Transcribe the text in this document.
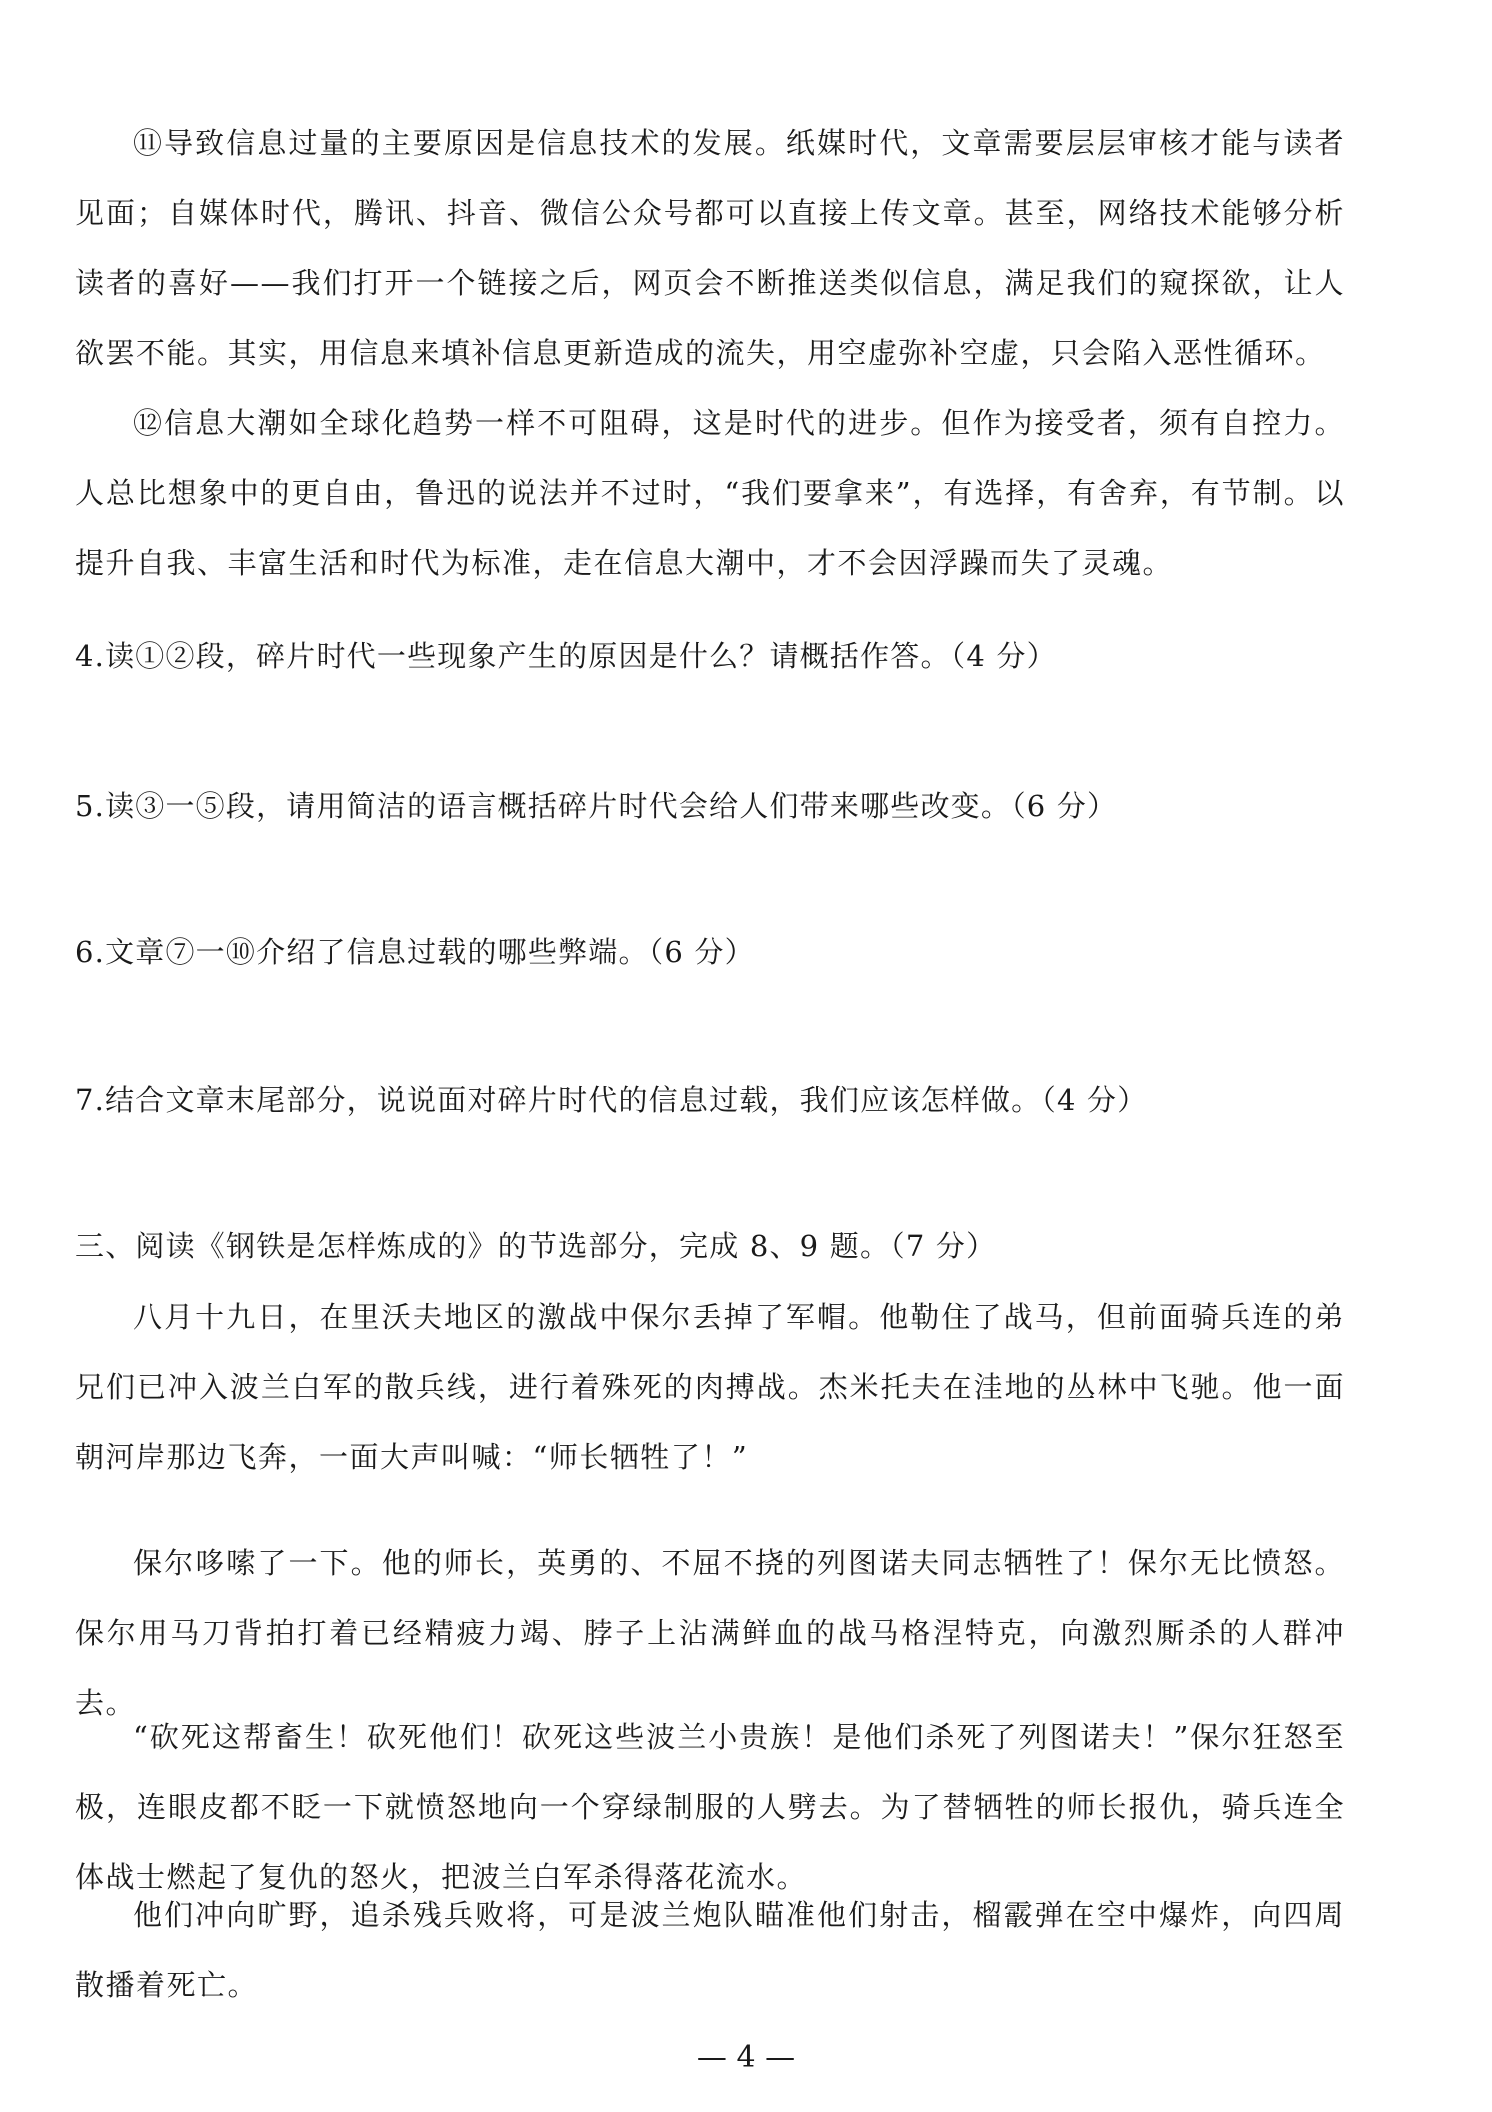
⑪导致信息过量的主要原因是信息技术的发展。纸媒时代，文章需要层层审核才能与读者见面；自媒体时代，腾讯、抖音、微信公众号都可以直接上传文章。甚至，网络技术能够分析读者的喜好——我们打开一个链接之后，网页会不断推送类似信息，满足我们的窥探欲，让人欲罢不能。其实，用信息来填补信息更新造成的流失，用空虚弥补空虚，只会陷入恶性循环。

⑫信息大潮如全球化趋势一样不可阻碍，这是时代的进步。但作为接受者，须有自控力。人总比想象中的更自由，鲁迅的说法并不过时，“我们要拿来”，有选择，有舍弃，有节制。以提升自我、丰富生活和时代为标准，走在信息大潮中，才不会因浮躁而失了灵魂。

4.读①②段，碎片时代一些现象产生的原因是什么？请概括作答。（4 分）

5.读③一⑤段，请用简洁的语言概括碎片时代会给人们带来哪些改变。（6 分）

6.文章⑦一⑩介绍了信息过载的哪些弊端。（6 分）

7.结合文章末尾部分，说说面对碎片时代的信息过载，我们应该怎样做。（4 分）

三、阅读《钢铁是怎样炼成的》的节选部分，完成 8、9 题。（7 分）

八月十九日，在里沃夫地区的激战中保尔丢掉了军帽。他勒住了战马，但前面骑兵连的弟兄们已冲入波兰白军的散兵线，进行着殊死的肉搏战。杰米托夫在洼地的丛林中飞驰。他一面朝河岸那边飞奔，一面大声叫喊：“师长牺牲了！”

保尔哆嗦了一下。他的师长，英勇的、不屈不挠的列图诺夫同志牺牲了！保尔无比愤怒。保尔用马刀背拍打着已经精疲力竭、脖子上沾满鲜血的战马格涅特克，向激烈厮杀的人群冲去。

“砍死这帮畜生！砍死他们！砍死这些波兰小贵族！是他们杀死了列图诺夫！”保尔狂怒至极，连眼皮都不眨一下就愤怒地向一个穿绿制服的人劈去。为了替牺牲的师长报仇，骑兵连全体战士燃起了复仇的怒火，把波兰白军杀得落花流水。

他们冲向旷野，追杀残兵败将，可是波兰炮队瞄准他们射击，榴霰弹在空中爆炸，向四周散播着死亡。

— 4 —
